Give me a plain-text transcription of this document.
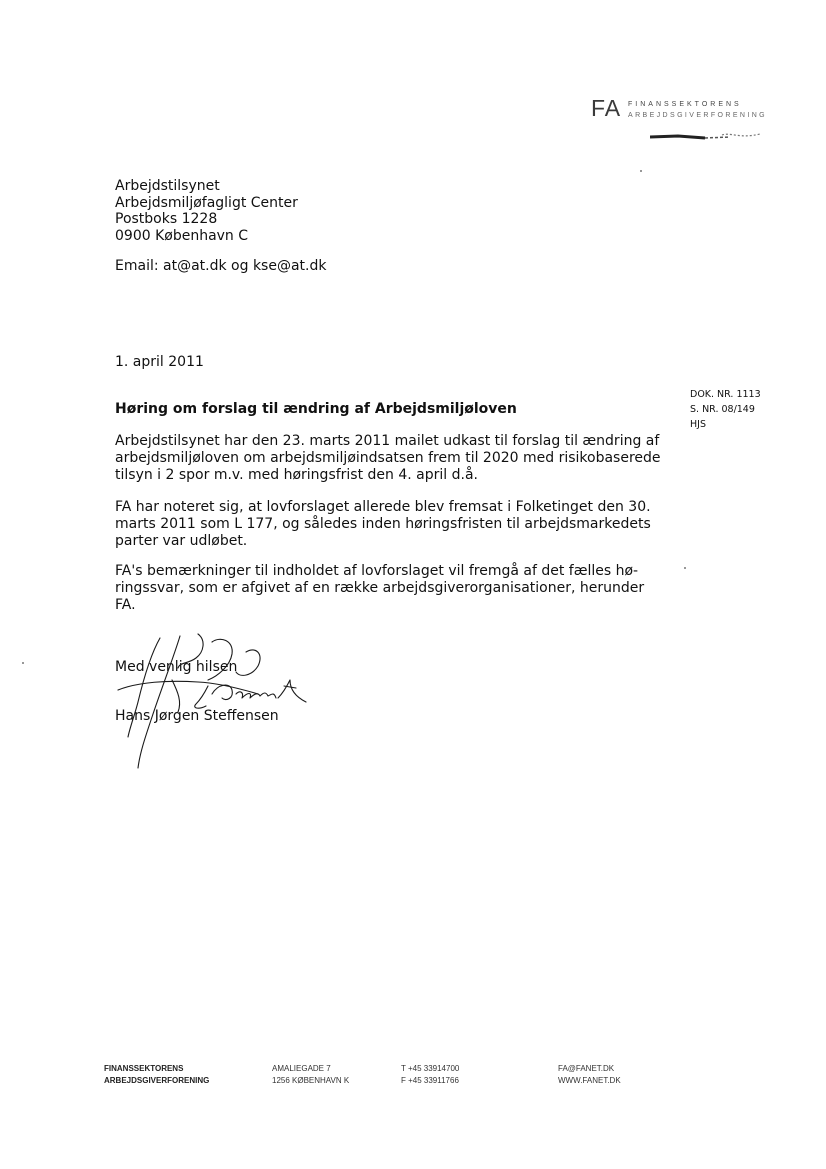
FA FINANSSEKTORENS
ARBEJDSGIVERFORENING
Arbejdstilsynet
Arbejdsmiljøfagligt Center
Postboks 1228
0900 København C
Email: at@at.dk og kse@at.dk
1. april 2011
DOK. NR. 1113
S. NR. 08/149
HJS
Høring om forslag til ændring af Arbejdsmiljøloven
Arbejdstilsynet har den 23. marts 2011 mailet udkast til forslag til ændring af
arbejdsmiljøloven om arbejdsmiljøindsatsen frem til 2020 med risikobaserede
tilsyn i 2 spor m.v. med høringsfrist den 4. april d.å.
FA har noteret sig, at lovforslaget allerede blev fremsat i Folketinget den 30.
marts 2011 som L 177, og således inden høringsfristen til arbejdsmarkedets
parter var udløbet.
FA's bemærkninger til indholdet af lovforslaget vil fremgå af det fælles hø-
ringssvar, som er afgivet af en række arbejdsgiverorganisationer, herunder
FA.
Med venlig hilsen
Hans Jørgen Steffensen
FINANSSEKTORENS
ARBEJDSGIVERFORENING
AMALIEGADE 7
1256 KØBENHAVN K
T +45 33914700
F +45 33911766
FA@FANET.DK
WWW.FANET.DK
